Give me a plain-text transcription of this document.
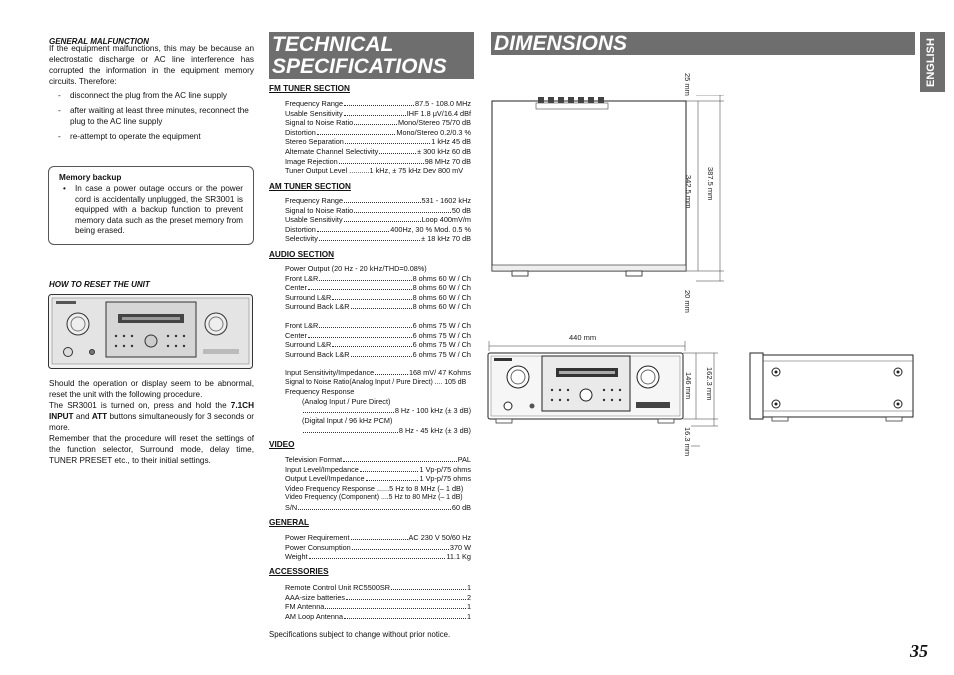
GENERAL MALFUNCTION
If the equipment malfunctions, this may be because an electrostatic discharge or AC line interference has corrupted the information in the equipment memory circuits. Therefore:
- disconnect the plug from the AC line supply
- after waiting at least three minutes, reconnect the plug to the AC line supply
- re-attempt to operate the equipment
Memory backup
• In case a power outage occurs or the power cord is accidentally unplugged, the SR3001 is equipped with a backup function to prevent memory data such as the preset memory from being erased.
HOW TO RESET THE UNIT
Should the operation or display seem to be abnormal, reset the unit with the following procedure.
The SR3001 is turned on, press and hold the 7.1CH INPUT and ATT buttons simultaneously for 3 seconds or more.
Remember that the procedure will reset the settings of the function selector, Surround mode, delay time, TUNER PRESET etc., to their initial settings.
TECHNICAL
SPECIFICATIONS
FM TUNER SECTION
Frequency Range	87.5 - 108.0 MHz
Usable Sensitivity	IHF 1.8 μV/16.4 dBf
Signal to Noise Ratio	Mono/Stereo 75/70 dB
Distortion	Mono/Stereo 0.2/0.3 %
Stereo Separation	1 kHz 45 dB
Alternate Channel Selectivity	± 300 kHz 60 dB
Image Rejection	98 MHz 70 dB
Tuner Output Level ..........1 kHz, ± 75 kHz Dev 800 mV
AM TUNER SECTION
Frequency Range	531 - 1602 kHz
Signal to Noise Ratio	50 dB
Usable Sensitivity	Loop 400mV/m
Distortion	400Hz, 30 % Mod. 0.5 %
Selectivity	± 18 kHz 70 dB
AUDIO SECTION
Power Output (20 Hz - 20 kHz/THD=0.08%)
Front L&R	8 ohms 60 W / Ch
Center	8 ohms 60 W / Ch
Surround L&R	8 ohms 60 W / Ch
Surround Back L&R	8 ohms 60 W / Ch
Front L&R	6 ohms 75 W / Ch
Center	6 ohms 75 W / Ch
Surround L&R	6 ohms 75 W / Ch
Surround Back L&R	6 ohms 75 W / Ch
Input Sensitivity/Impedance	168 mV/ 47 Kohms
Signal to Noise Ratio(Analog Input / Pure Direct) .... 105 dB
Frequency Response
(Analog Input / Pure Direct)
8 Hz - 100 kHz (± 3 dB)
(Digital Input / 96 kHz PCM)
8 Hz - 45 kHz (± 3 dB)
VIDEO
Television Format	PAL
Input Level/Impedance	1 Vp-p/75 ohms
Output Level/Impedance	1 Vp-p/75 ohms
Video Frequency Response ......5 Hz to 8 MHz (– 1 dB)
Video Frequency (Component) ....5 Hz to 80 MHz (– 1 dB)
S/N	60 dB
GENERAL
Power Requirement	AC 230 V 50/60 Hz
Power Consumption	370 W
Weight	11.1 Kg
ACCESSORIES
Remote Control Unit RC5500SR	1
AAA-size batteries	2
FM Antenna	1
AM Loop Antenna	1
Specifications subject to change without prior notice.
DIMENSIONS
25 mm
342.5 mm 387.5 mm
20 mm
440 mm
146 mm 162.3 mm
16.3 mm
ENGLISH
35
